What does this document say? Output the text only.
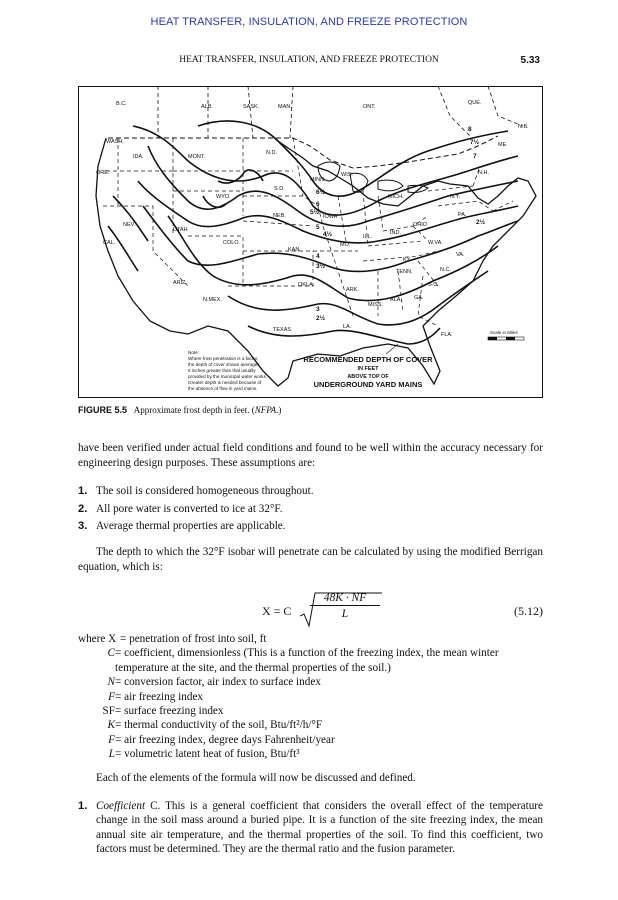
HEAT TRANSFER, INSULATION, AND FREEZE PROTECTION
HEAT TRANSFER, INSULATION, AND FREEZE PROTECTION	5.33
B.C.	ALB.	SASK.	MAN.	ONT.
QUE.
WASH.
IDA.	MONT.
N.D.
ORE.
WYO.
S.D.
MINN.
WIS.
MICH.	N.Y.
N.H.
ME.
N.B.
NEV.
UTAH
COLO.
NEB.	IOWA
ILL.
IND.
OHIO
PA.
CAL.
KAN.
MO.
KY.
W.VA.
VA.
ARIZ.
N.MEX.
OKLA.
ARK.
TENN.	N.C.
S.C.
MISS.
ALA. GA.
TEXAS	LA.
FLA.
8
7½
7
6½
6
5½
5
4½
4
3½
3
2½
2½
Note:
Where frost penetration is a factor,
the depth of cover shown averages
6 inches greater than that usually
provided by the municipal water works.
Greater depth is needed because of
the absence of flow in yard mains.
RECOMMENDED DEPTH OF COVER
IN FEET
ABOVE TOP OF
UNDERGROUND YARD MAINS
Scale in Miles
FIGURE 5.5 Approximate frost depth in feet. (NFPA.)
have been verified under actual field conditions and found to be well within the accuracy necessary for engineering design purposes. These assumptions are:
1. The soil is considered homogeneous throughout.
2. All pore water is converted to ice at 32°F.
3. Average thermal properties are applicable.
The depth to which the 32°F isobar will penetrate can be calculated by using the modified Berrigan equation, which is:
X = C $\frac{48K \cdot NF}{L}$	(5.12)
where X = penetration of frost into soil, ft
C = coefficient, dimensionless (This is a function of the freezing index, the mean winter temperature at the site, and the thermal properties of the soil.)
N = conversion factor, air index to surface index
F = air freezing index
SF = surface freezing index
K = thermal conductivity of the soil, Btu/ft²/h/°F
F = air freezing index, degree days Fahrenheit/year
L = volumetric latent heat of fusion, Btu/ft³
Each of the elements of the formula will now be discussed and defined.
1. Coefficient C. This is a general coefficient that considers the overall effect of the temperature change in the soil mass around a buried pipe. It is a function of the site freezing index, the mean annual site air temperature, and the thermal properties of the soil. To find this coefficient, two factors must be determined. They are the thermal ratio and the fusion parameter.
